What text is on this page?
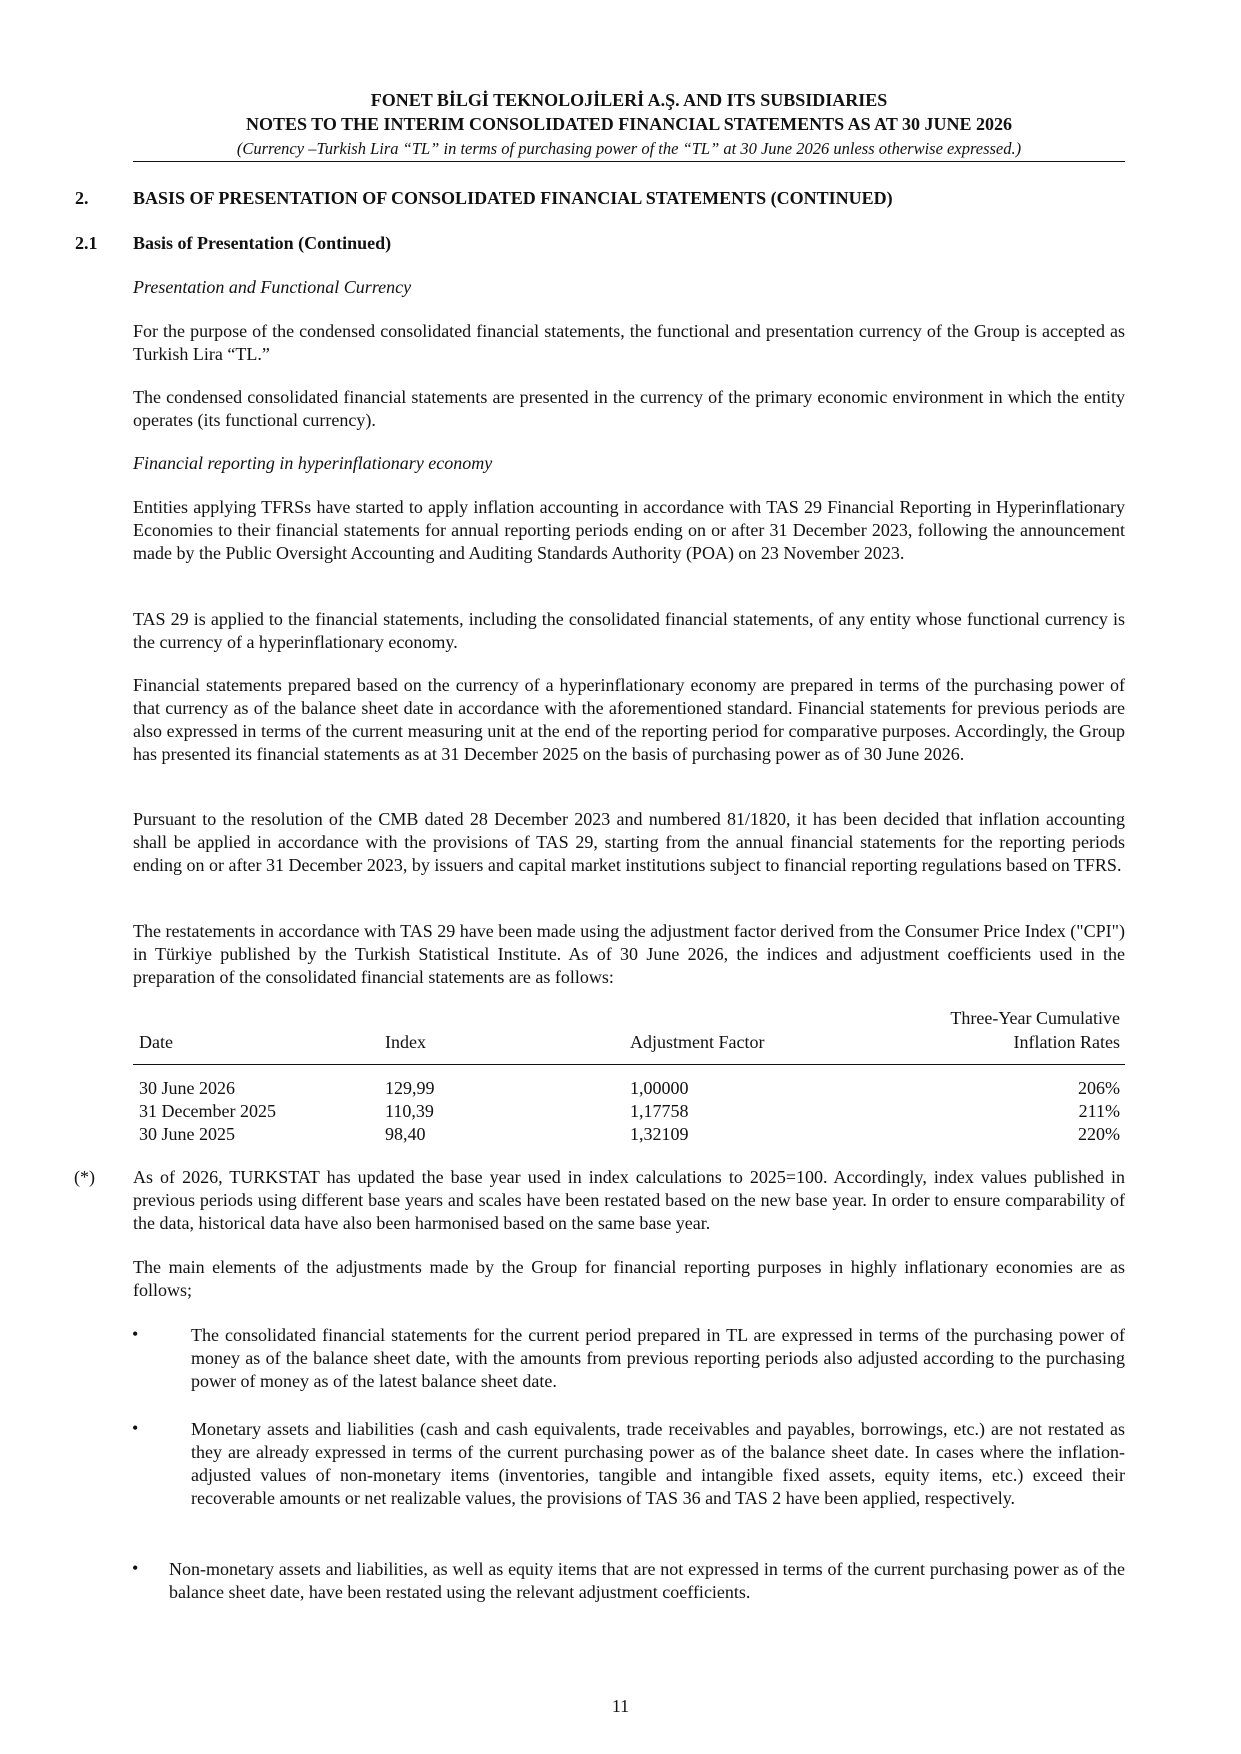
FONET BİLGİ TEKNOLOJİLERİ A.Ş. AND ITS SUBSIDIARIES
NOTES TO THE INTERIM CONSOLIDATED FINANCIAL STATEMENTS AS AT 30 JUNE 2026
(Currency –Turkish Lira “TL” in terms of purchasing power of the “TL” at 30 June 2026 unless otherwise expressed.)
2. BASIS OF PRESENTATION OF CONSOLIDATED FINANCIAL STATEMENTS (CONTINUED)
2.1 Basis of Presentation (Continued)
Presentation and Functional Currency
For the purpose of the condensed consolidated financial statements, the functional and presentation currency of the Group is accepted as Turkish Lira “TL.”
The condensed consolidated financial statements are presented in the currency of the primary economic environment in which the entity operates (its functional currency).
Financial reporting in hyperinflationary economy
Entities applying TFRSs have started to apply inflation accounting in accordance with TAS 29 Financial Reporting in Hyperinflationary Economies to their financial statements for annual reporting periods ending on or after 31 December 2023, following the announcement made by the Public Oversight Accounting and Auditing Standards Authority (POA) on 23 November 2023.
TAS 29 is applied to the financial statements, including the consolidated financial statements, of any entity whose functional currency is the currency of a hyperinflationary economy.
Financial statements prepared based on the currency of a hyperinflationary economy are prepared in terms of the purchasing power of that currency as of the balance sheet date in accordance with the aforementioned standard. Financial statements for previous periods are also expressed in terms of the current measuring unit at the end of the reporting period for comparative purposes. Accordingly, the Group has presented its financial statements as at 31 December 2025 on the basis of purchasing power as of 30 June 2026.
Pursuant to the resolution of the CMB dated 28 December 2023 and numbered 81/1820, it has been decided that inflation accounting shall be applied in accordance with the provisions of TAS 29, starting from the annual financial statements for the reporting periods ending on or after 31 December 2023, by issuers and capital market institutions subject to financial reporting regulations based on TFRS.
The restatements in accordance with TAS 29 have been made using the adjustment factor derived from the Consumer Price Index ("CPI") in Türkiye published by the Turkish Statistical Institute. As of 30 June 2026, the indices and adjustment coefficients used in the preparation of the consolidated financial statements are as follows:
Three-Year Cumulative
Date	Index	Adjustment Factor	Inflation Rates
30 June 2026	129,99	1,00000	206%
31 December 2025	110,39	1,17758	211%
30 June 2025	98,40	1,32109	220%
(*) As of 2026, TURKSTAT has updated the base year used in index calculations to 2025=100. Accordingly, index values published in previous periods using different base years and scales have been restated based on the new base year. In order to ensure comparability of the data, historical data have also been harmonised based on the same base year.
The main elements of the adjustments made by the Group for financial reporting purposes in highly inflationary economies are as follows;
•	The consolidated financial statements for the current period prepared in TL are expressed in terms of the purchasing power of money as of the balance sheet date, with the amounts from previous reporting periods also adjusted according to the purchasing power of money as of the latest balance sheet date.
•	Monetary assets and liabilities (cash and cash equivalents, trade receivables and payables, borrowings, etc.) are not restated as they are already expressed in terms of the current purchasing power as of the balance sheet date. In cases where the inflation-adjusted values of non-monetary items (inventories, tangible and intangible fixed assets, equity items, etc.) exceed their recoverable amounts or net realizable values, the provisions of TAS 36 and TAS 2 have been applied, respectively.
• Non-monetary assets and liabilities, as well as equity items that are not expressed in terms of the current purchasing power as of the balance sheet date, have been restated using the relevant adjustment coefficients.
11
